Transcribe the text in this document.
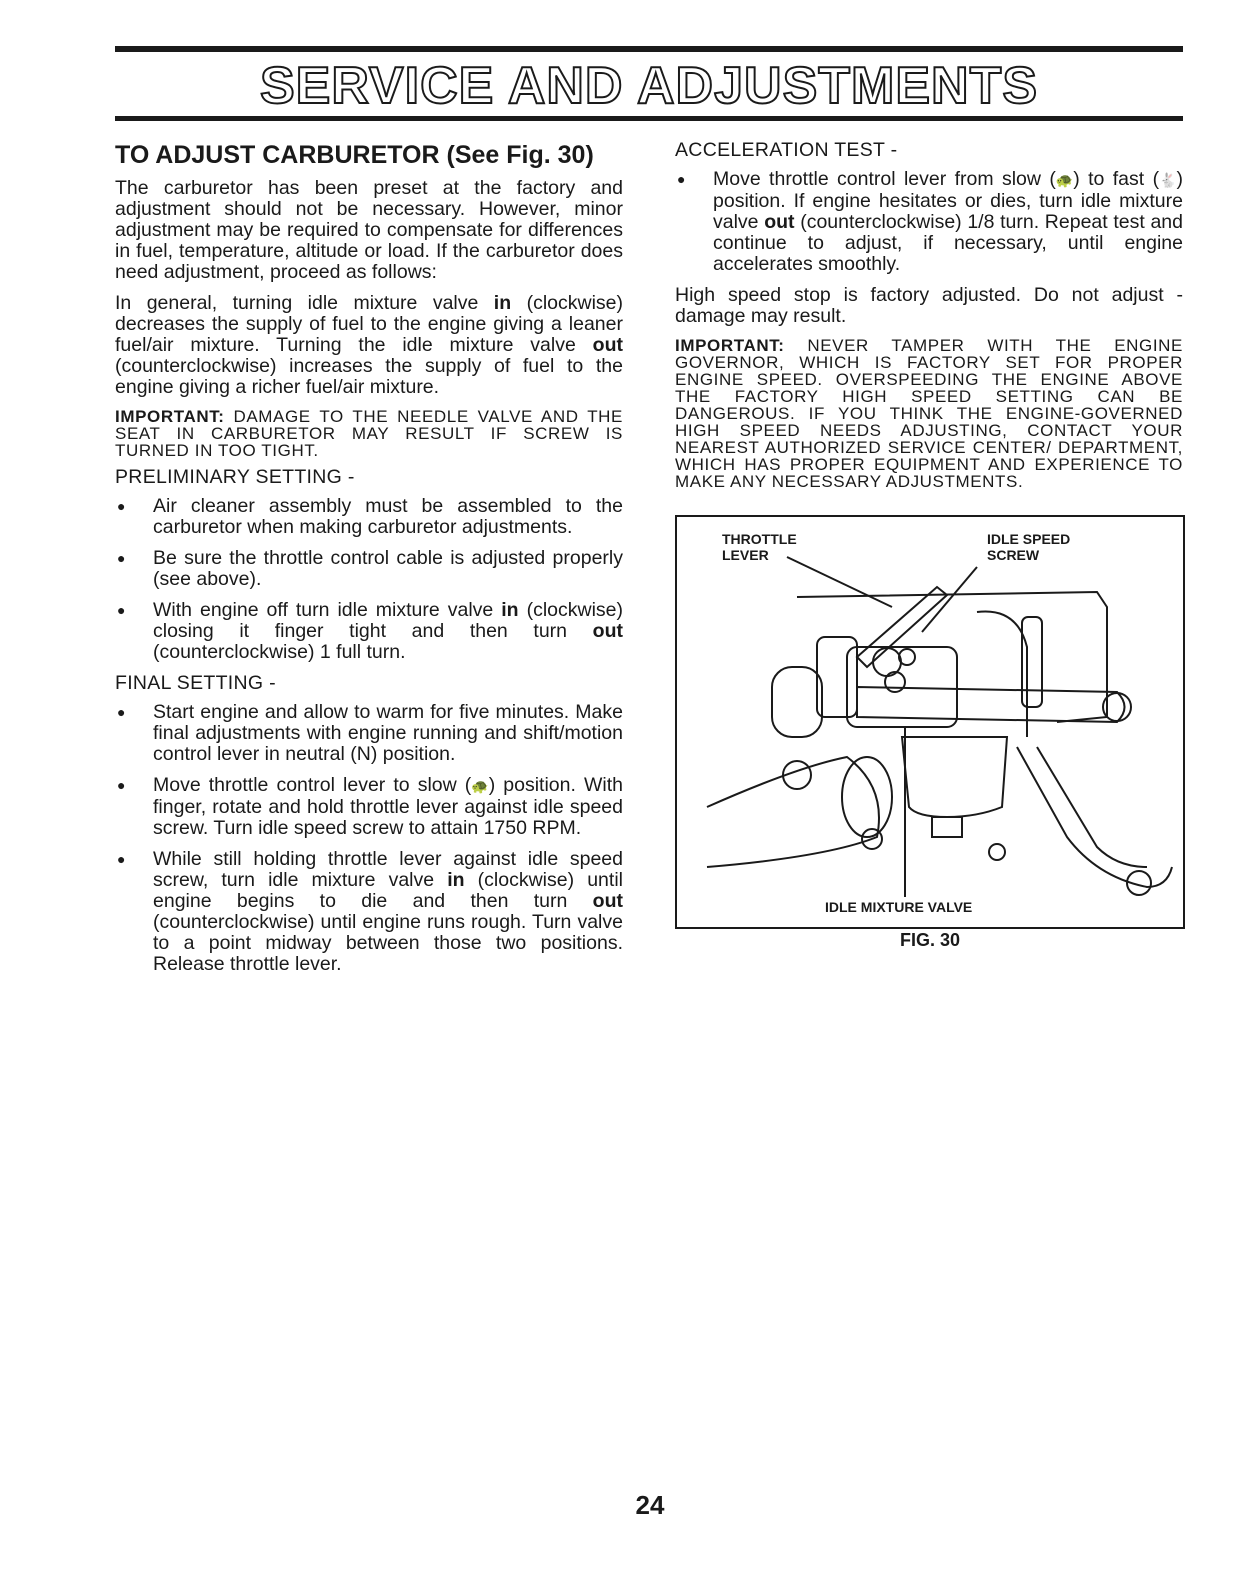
SERVICE AND ADJUSTMENTS
TO ADJUST CARBURETOR (See Fig. 30)

The carburetor has been preset at the factory and adjustment should not be necessary. However, minor adjustment may be required to compensate for differences in fuel, temperature, altitude or load. If the carburetor does need adjustment, proceed as follows:

In general, turning idle mixture valve in (clockwise) decreases the supply of fuel to the engine giving a leaner fuel/air mixture. Turning the idle mixture valve out (counterclockwise) increases the supply of fuel to the engine giving a richer fuel/air mixture.

IMPORTANT: DAMAGE TO THE NEEDLE VALVE AND THE SEAT IN CARBURETOR MAY RESULT IF SCREW IS TURNED IN TOO TIGHT.

PRELIMINARY SETTING -
● Air cleaner assembly must be assembled to the carburetor when making carburetor adjustments.
● Be sure the throttle control cable is adjusted properly (see above).
● With engine off turn idle mixture valve in (clockwise) closing it finger tight and then turn out (counterclockwise) 1 full turn.
FINAL SETTING -
● Start engine and allow to warm for five minutes. Make final adjustments with engine running and shift/motion control lever in neutral (N) position.
● Move throttle control lever to slow (🐢) position. With finger, rotate and hold throttle lever against idle speed screw. Turn idle speed screw to attain 1750 RPM.
● While still holding throttle lever against idle speed screw, turn idle mixture valve in (clockwise) until engine begins to die and then turn out (counterclockwise) until engine runs rough. Turn valve to a point midway between those two positions. Release throttle lever.
ACCELERATION TEST -
● Move throttle control lever from slow (🐢) to fast (🐇) position. If engine hesitates or dies, turn idle mixture valve out (counterclockwise) 1/8 turn. Repeat test and continue to adjust, if necessary, until engine accelerates smoothly.

High speed stop is factory adjusted. Do not adjust - damage may result.

IMPORTANT: NEVER TAMPER WITH THE ENGINE GOVERNOR, WHICH IS FACTORY SET FOR PROPER ENGINE SPEED. OVERSPEEDING THE ENGINE ABOVE THE FACTORY HIGH SPEED SETTING CAN BE DANGEROUS. IF YOU THINK THE ENGINE-GOVERNED HIGH SPEED NEEDS ADJUSTING, CONTACT YOUR NEAREST AUTHORIZED SERVICE CENTER/ DEPARTMENT, WHICH HAS PROPER EQUIPMENT AND EXPERIENCE TO MAKE ANY NECESSARY ADJUSTMENTS.

THROTTLE
LEVER
IDLE SPEED
SCREW
IDLE MIXTURE VALVE
FIG. 30
24
